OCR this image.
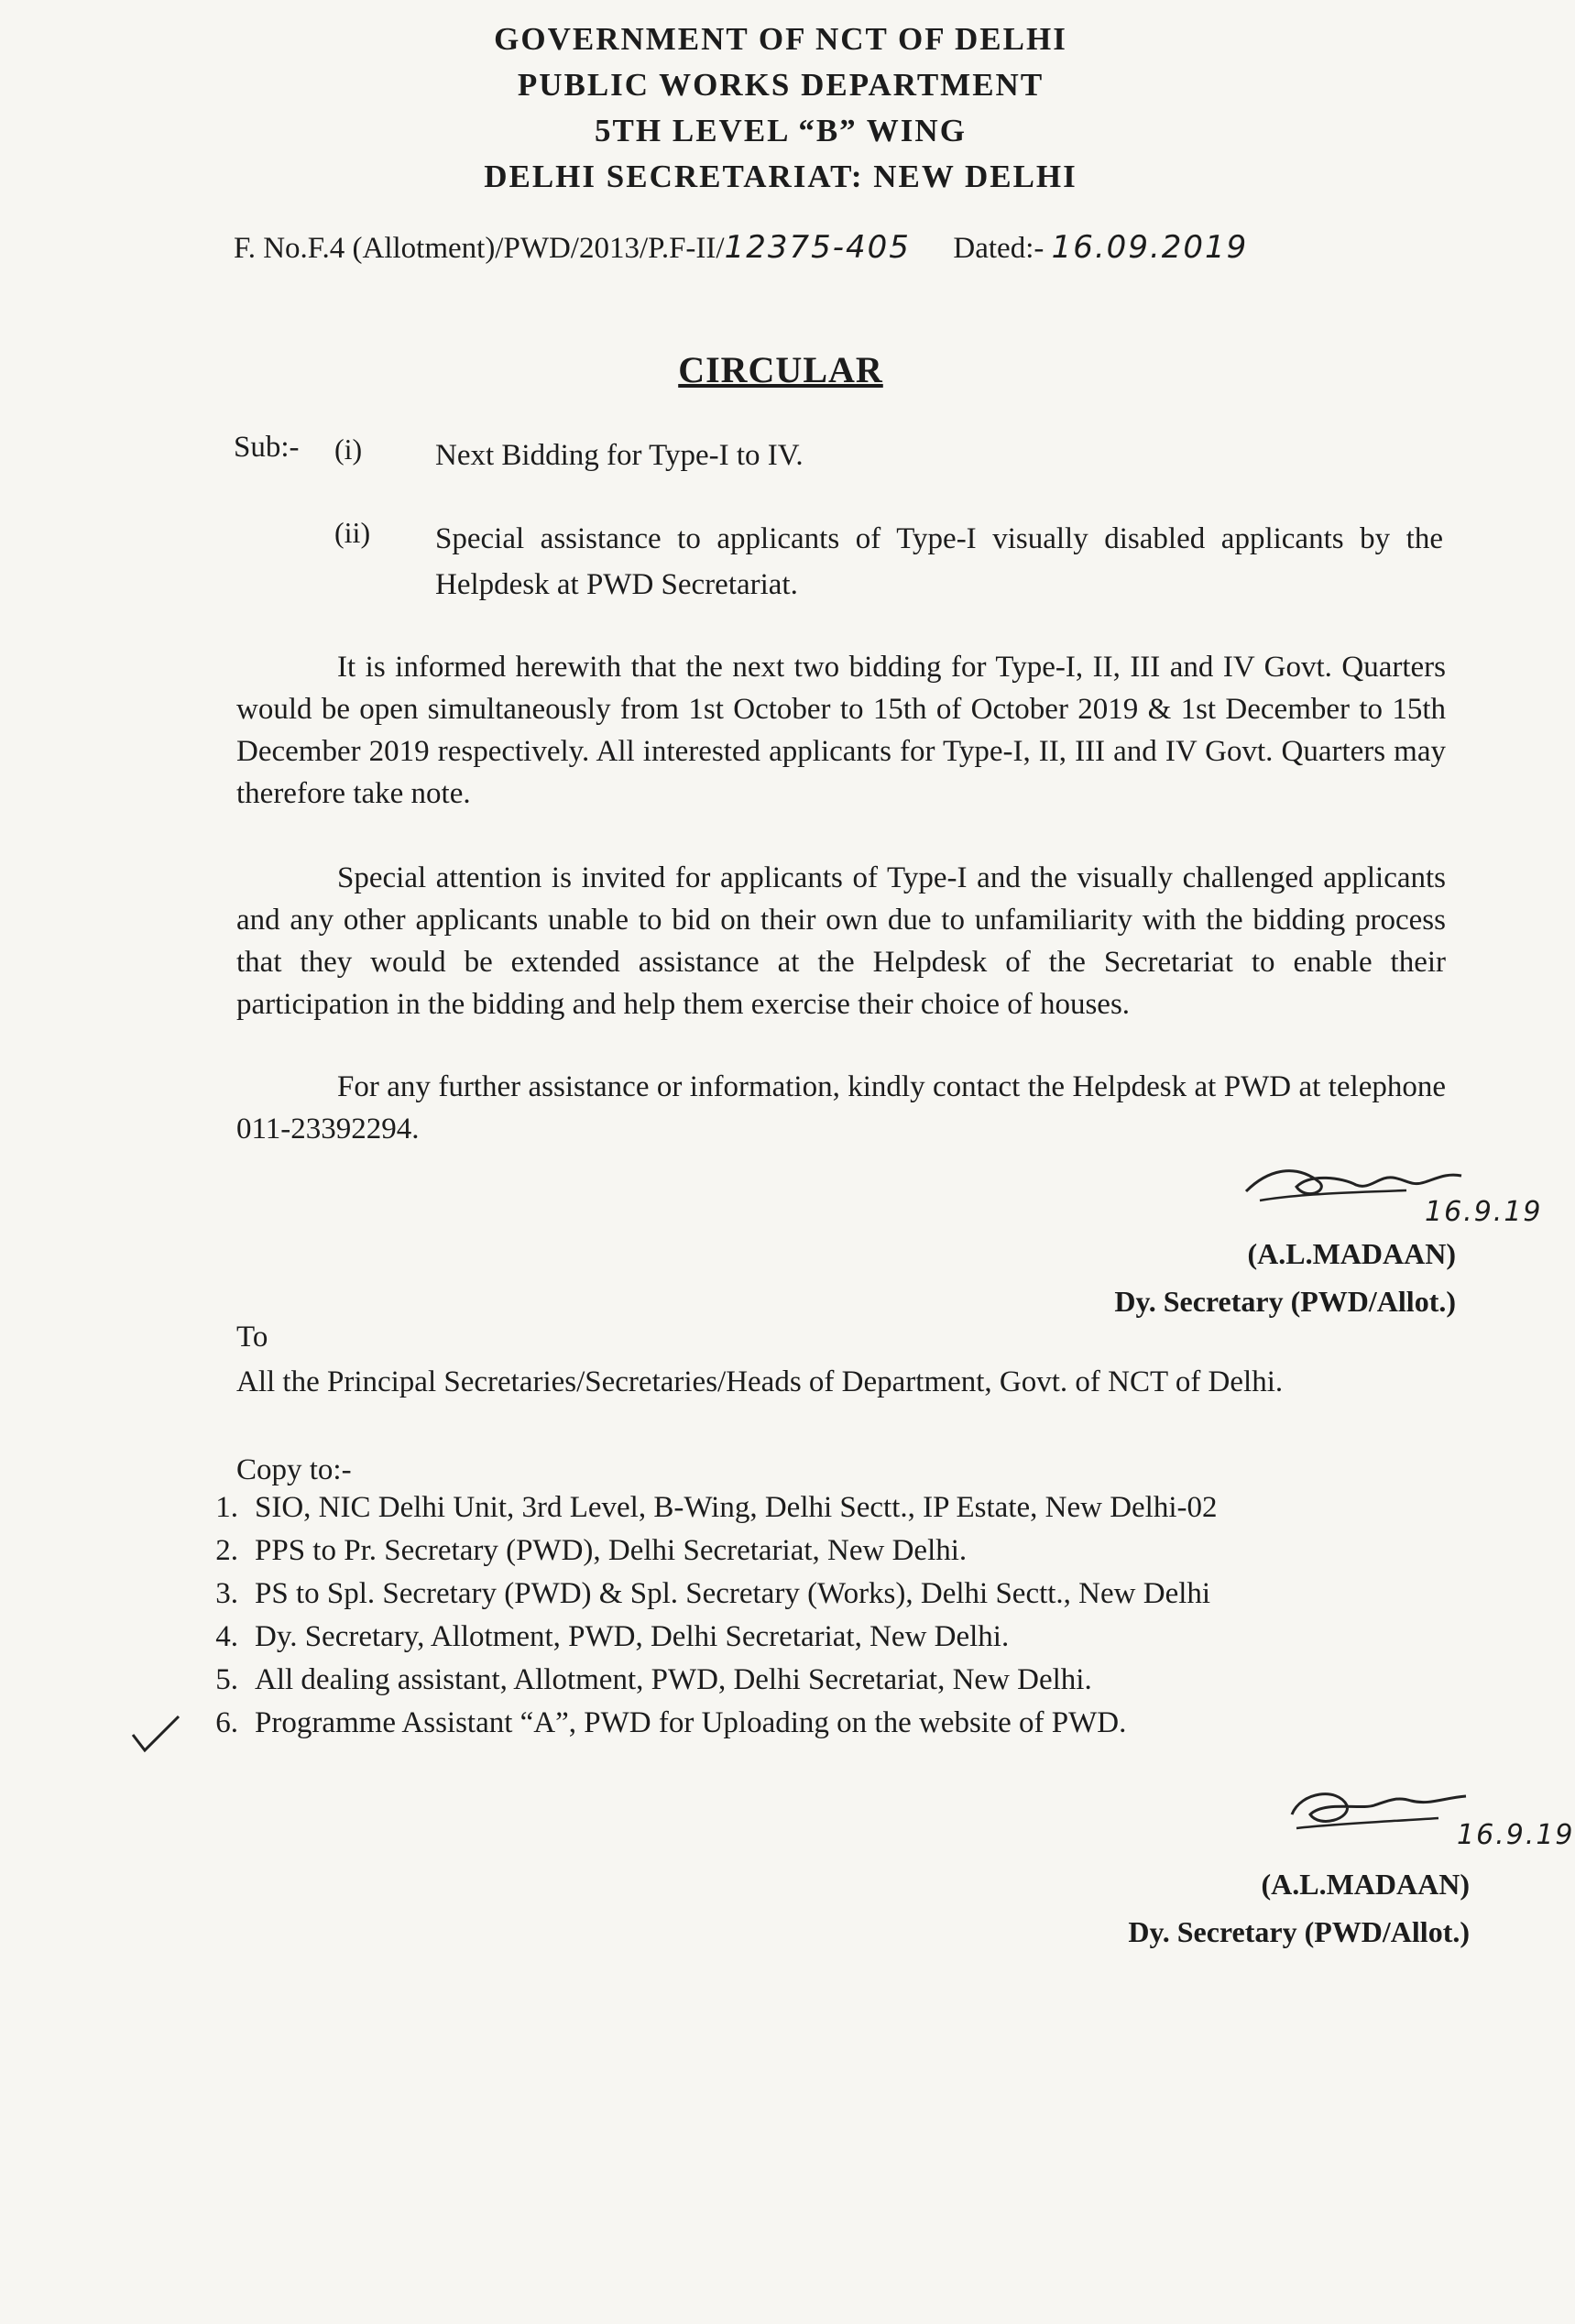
GOVERNMENT OF NCT OF DELHI
PUBLIC WORKS DEPARTMENT
5TH LEVEL “B” WING
DELHI SECRETARIAT: NEW DELHI
F. No.F.4 (Allotment)/PWD/2013/P.F-II/12375-405 Dated:- 16.09.2019
CIRCULAR
Sub:- (i) Next Bidding for Type-I to IV.
(ii) Special assistance to applicants of Type-I visually disabled applicants by the Helpdesk at PWD Secretariat.
It is informed herewith that the next two bidding for Type-I, II, III and IV Govt. Quarters would be open simultaneously from 1st October to 15th of October 2019 & 1st December to 15th December 2019 respectively. All interested applicants for Type-I, II, III and IV Govt. Quarters may therefore take note.
Special attention is invited for applicants of Type-I and the visually challenged applicants and any other applicants unable to bid on their own due to unfamiliarity with the bidding process that they would be extended assistance at the Helpdesk of the Secretariat to enable their participation in the bidding and help them exercise their choice of houses.
For any further assistance or information, kindly contact the Helpdesk at PWD at telephone 011-23392294.
16.9.19
(A.L.MADAAN)
Dy. Secretary (PWD/Allot.)
To
All the Principal Secretaries/Secretaries/Heads of Department, Govt. of NCT of Delhi.
Copy to:-
1. SIO, NIC Delhi Unit, 3rd Level, B-Wing, Delhi Sectt., IP Estate, New Delhi-02
2. PPS to Pr. Secretary (PWD), Delhi Secretariat, New Delhi.
3. PS to Spl. Secretary (PWD) & Spl. Secretary (Works), Delhi Sectt., New Delhi
4. Dy. Secretary, Allotment, PWD, Delhi Secretariat, New Delhi.
5. All dealing assistant, Allotment, PWD, Delhi Secretariat, New Delhi.
6. Programme Assistant “A”, PWD for Uploading on the website of PWD.
16.9.19
(A.L.MADAAN)
Dy. Secretary (PWD/Allot.)
